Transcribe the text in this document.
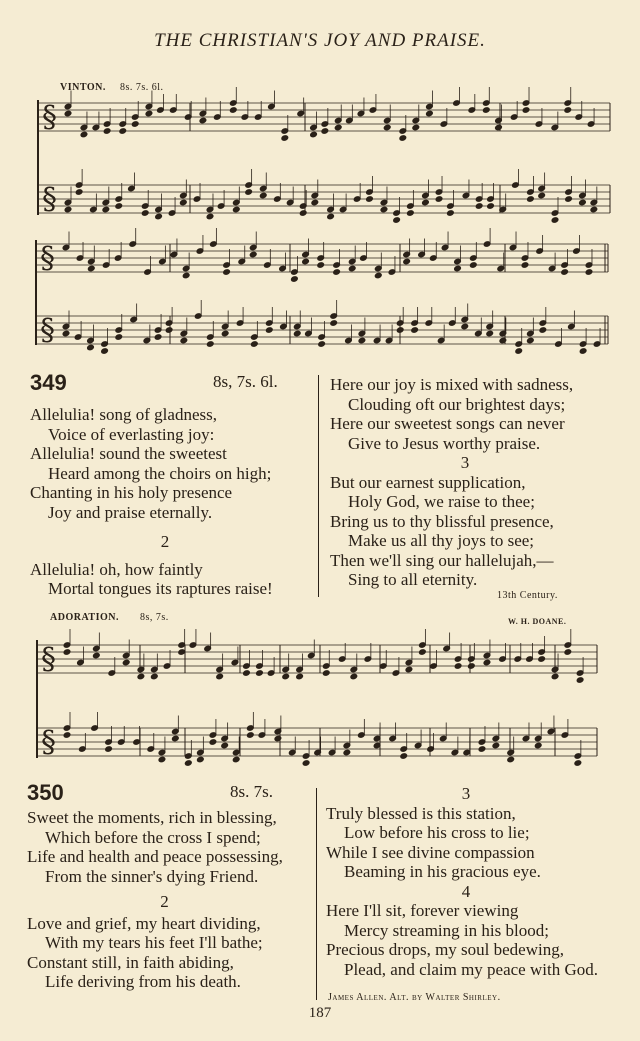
THE CHRISTIAN'S JOY AND PRAISE.
VINTON. 8s. 7s. 6l.
§
§
§
§
349	8s, 7s. 6l.
Allelulia! song of gladness,
Voice of everlasting joy:
Allelulia! sound the sweetest
Heard among the choirs on high;
Chanting in his holy presence
Joy and praise eternally.
2
Allelulia! oh, how faintly
Mortal tongues its raptures raise!
Here our joy is mixed with sadness,
Clouding oft our brightest days;
Here our sweetest songs can never
Give to Jesus worthy praise.
3
But our earnest supplication,
Holy God, we raise to thee;
Bring us to thy blissful presence,
Make us all thy joys to see;
Then we'll sing our hallelujah,—
Sing to all eternity.
13th Century.
ADORATION. 8s, 7s.	W. H. DOANE.
§
§
350	8s. 7s.
Sweet the moments, rich in blessing,
Which before the cross I spend;
Life and health and peace possessing,
From the sinner's dying Friend.
2
Love and grief, my heart dividing,
With my tears his feet I'll bathe;
Constant still, in faith abiding,
Life deriving from his death.
3
Truly blessed is this station,
Low before his cross to lie;
While I see divine compassion
Beaming in his gracious eye.
4
Here I'll sit, forever viewing
Mercy streaming in his blood;
Precious drops, my soul bedewing,
Plead, and claim my peace with God.
James Allen. Alt. by Walter Shirley.
187
